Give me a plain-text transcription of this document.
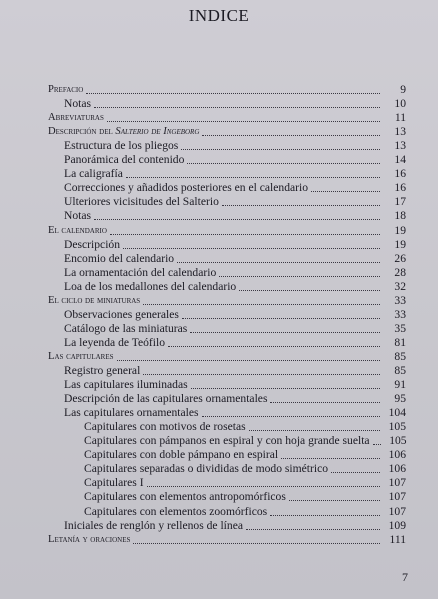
INDICE
Prefacio	9
Notas	10
Abreviaturas	11
Descripción del Salterio de Ingeborg	13
Estructura de los pliegos	13
Panorámica del contenido	14
La caligrafía	16
Correcciones y añadidos posteriores en el calendario	16
Ulteriores vicisitudes del Salterio	17
Notas	18
El calendario	19
Descripción	19
Encomio del calendario	26
La ornamentación del calendario	28
Loa de los medallones del calendario	32
El ciclo de miniaturas	33
Observaciones generales	33
Catálogo de las miniaturas	35
La leyenda de Teófilo	81
Las capitulares	85
Registro general	85
Las capitulares iluminadas	91
Descripción de las capitulares ornamentales	95
Las capitulares ornamentales	104
Capitulares con motivos de rosetas	105
Capitulares con pámpanos en espiral y con hoja grande suelta	105
Capitulares con doble pámpano en espiral	106
Capitulares separadas o divididas de modo simétrico	106
Capitulares I	107
Capitulares con elementos antropomórficos	107
Capitulares con elementos zoomórficos	107
Iniciales de renglón y rellenos de línea	109
Letanía y oraciones	111
7
